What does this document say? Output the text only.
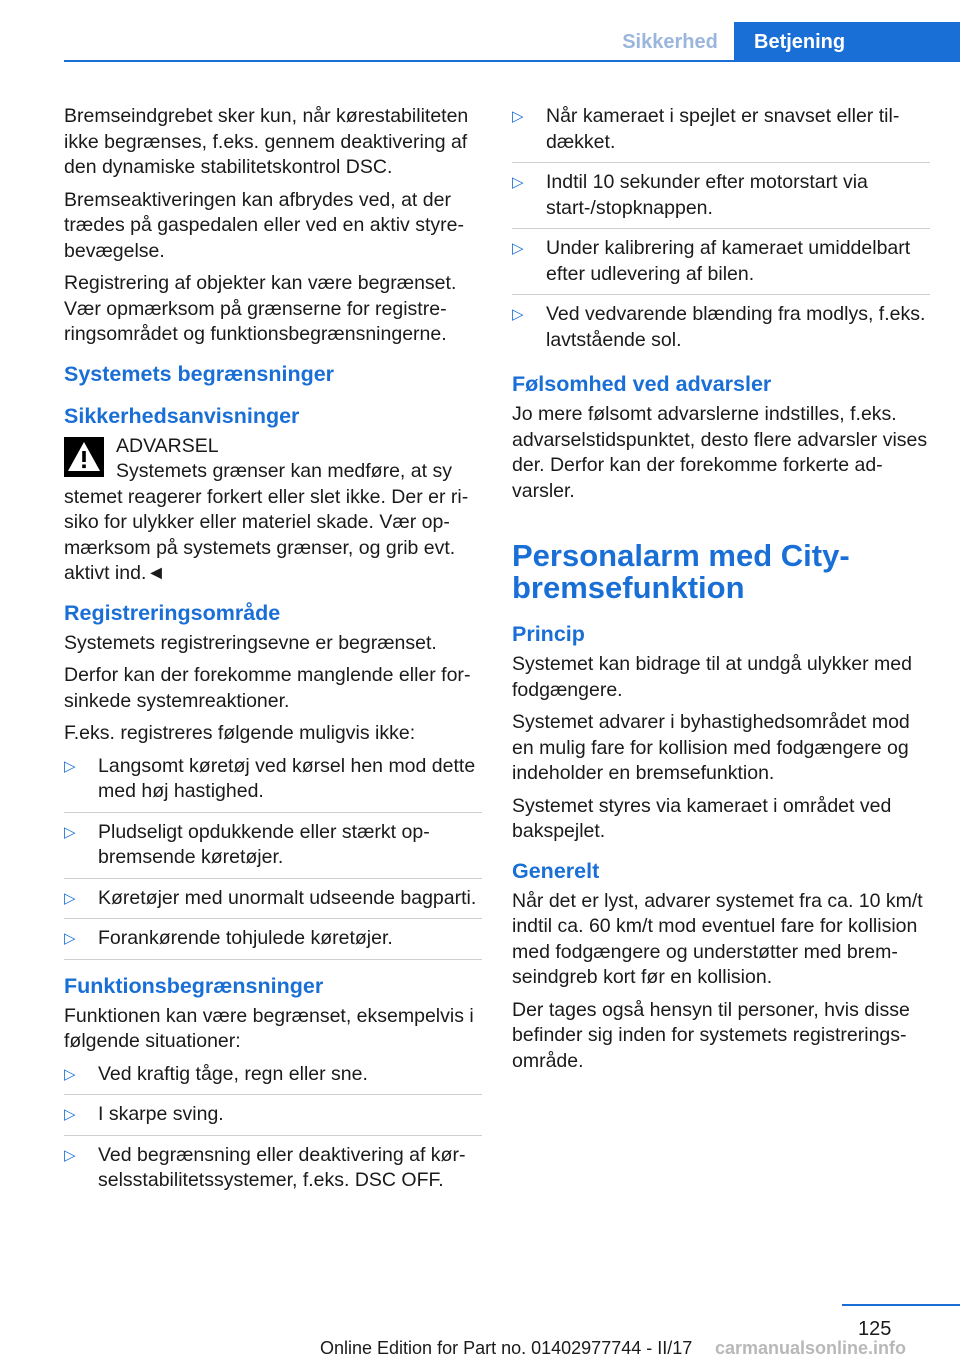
Sikkerhed	Betjening

Bremseindgrebet sker kun, når kørestabiliteten ikke begrænses, f.eks. gennem deaktivering af den dynamiske stabilitetskontrol DSC.

Bremseaktiveringen kan afbrydes ved, at der trædes på gaspedalen eller ved en aktiv styrebevægelse.

Registrering af objekter kan være begrænset. Vær opmærksom på grænserne for registreringsområdet og funktionsbegrænsningerne.

Systemets begrænsninger
Sikkerhedsanvisninger
ADVARSEL
Systemets grænser kan medføre, at sy
stemet reagerer forkert eller slet ikke. Der er risiko for ulykker eller materiel skade. Vær opmærksom på systemets grænser, og grib evt. aktivt ind.◄
Registreringsområde

Systemets registreringsevne er begrænset.

Derfor kan der forekomme manglende eller forsinkede systemreaktioner.

F.eks. registreres følgende muligvis ikke:

▷ Langsomt køretøj ved kørsel hen mod dette med høj hastighed.
▷ Pludseligt opdukkende eller stærkt opbremsende køretøjer.
▷ Køretøjer med unormalt udseende bagparti.
▷ Forankørende tohjulede køretøjer.
Funktionsbegrænsninger

Funktionen kan være begrænset, eksempelvis i følgende situationer:

▷ Ved kraftig tåge, regn eller sne.
▷ I skarpe sving.
▷ Ved begrænsning eller deaktivering af kørselsstabilitetssystemer, f.eks. DSC OFF.
▷ Når kameraet i spejlet er snavset eller tildækket.
▷ Indtil 10 sekunder efter motorstart via start-/stopknappen.
▷ Under kalibrering af kameraet umiddelbart efter udlevering af bilen.
▷ Ved vedvarende blænding fra modlys, f.eks. lavtstående sol.
Følsomhed ved advarsler

Jo mere følsomt advarslerne indstilles, f.eks. advarselstidspunktet, desto flere advarsler vises der. Derfor kan der forekomme forkerte advarsler.

Personalarm med City-bremsefunktion
Princip

Systemet kan bidrage til at undgå ulykker med fodgængere.

Systemet advarer i byhastighedsområdet mod en mulig fare for kollision med fodgængere og indeholder en bremsefunktion.

Systemet styres via kameraet i området ved bakspejlet.

Generelt

Når det er lyst, advarer systemet fra ca. 10 km/t indtil ca. 60 km/t mod eventuel fare for kollision med fodgængere og understøtter med bremseindgreb kort før en kollision.

Der tages også hensyn til personer, hvis disse befinder sig inden for systemets registreringsområde.

125
Online Edition for Part no. 01402977744 - II/17 carmanualsonline.info
